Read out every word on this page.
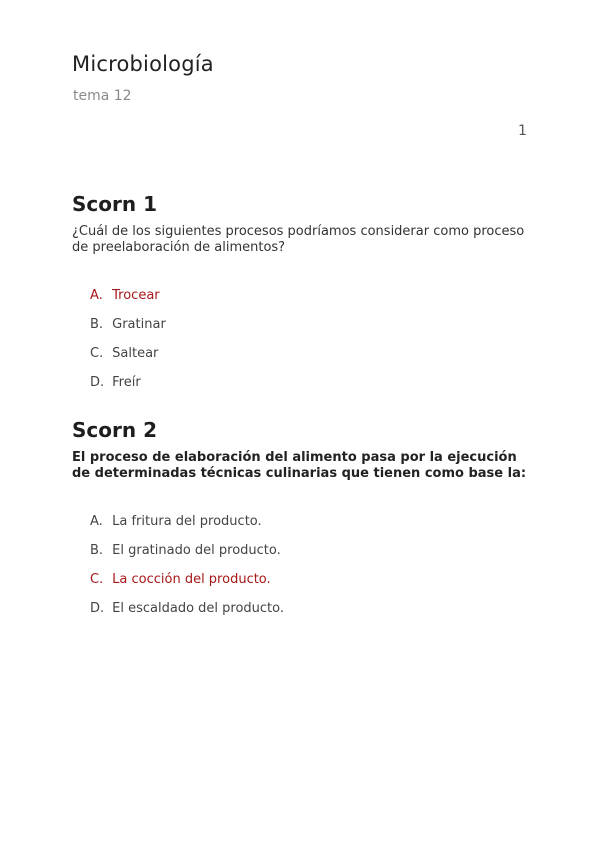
Microbiología
tema 12
1
Scorn 1

¿Cuál de los siguientes procesos podríamos considerar como proceso de preelaboración de alimentos?

A. Trocear
B. Gratinar
C. Saltear
D. Freír
Scorn 2

El proceso de elaboración del alimento pasa por la ejecución de determinadas técnicas culinarias que tienen como base la:

A. La fritura del producto.
B. El gratinado del producto.
C. La cocción del producto.
D. El escaldado del producto.
